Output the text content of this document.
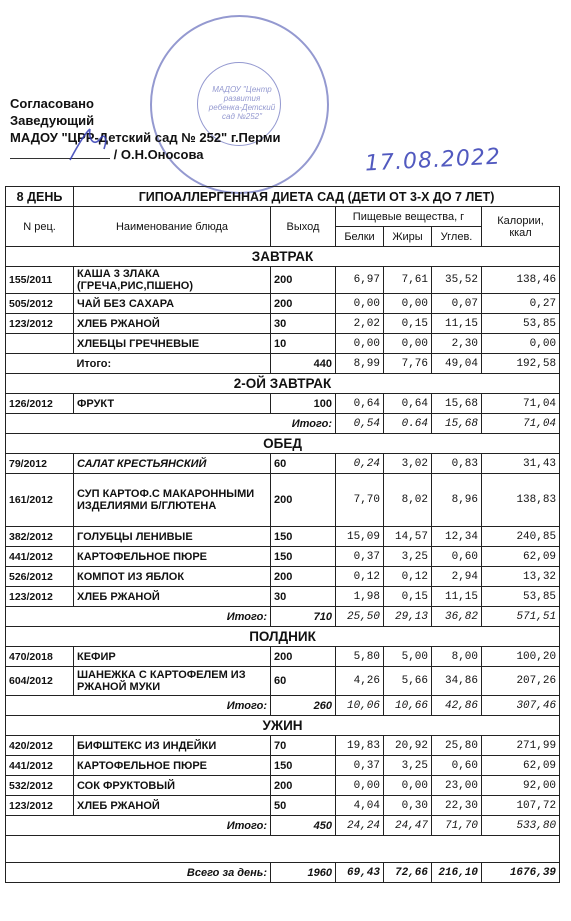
МАДОУ "Центр развития ребенка-Детский сад №252"
Согласовано
Заведующий
МАДОУ "ЦРР-Детский сад № 252" г.Перми
/ О.Н.Оносова	17.08.2022
8 ДЕНЬ	ГИПОАЛЛЕРГЕННАЯ ДИЕТА САД (ДЕТИ ОТ 3-Х ДО 7 ЛЕТ)					
N рец.	Наименование блюда	Выход	Пищевые вещества, г			Калории, ккал
			Белки	Жиры	Углев.	
ЗАВТРАК						
155/2011	КАША 3 ЗЛАКА (ГРЕЧА,РИС,ПШЕНО)	200	6,97	7,61	35,52	138,46
505/2012	ЧАЙ БЕЗ САХАРА	200	0,00	0,00	0,07	0,27
123/2012	ХЛЕБ РЖАНОЙ	30	2,02	0,15	11,15	53,85
	ХЛЕБЦЫ ГРЕЧНЕВЫЕ	10	0,00	0,00	2,30	0,00
	Итого:	440	8,99	7,76	49,04	192,58
2-ОЙ ЗАВТРАК						
126/2012	ФРУКТ	100	0,64	0,64	15,68	71,04
Итого:			0,54	0.64	15,68	71,04
ОБЕД						
79/2012	САЛАТ КРЕСТЬЯНСКИЙ	60	0,24	3,02	0,83	31,43
161/2012	СУП КАРТОФ.С МАКАРОННЫМИ ИЗДЕЛИЯМИ Б/ГЛЮТЕНА	200	7,70	8,02	8,96	138,83
382/2012	ГОЛУБЦЫ ЛЕНИВЫЕ	150	15,09	14,57	12,34	240,85
441/2012	КАРТОФЕЛЬНОЕ ПЮРЕ	150	0,37	3,25	0,60	62,09
526/2012	КОМПОТ ИЗ ЯБЛОК	200	0,12	0,12	2,94	13,32
123/2012	ХЛЕБ РЖАНОЙ	30	1,98	0,15	11,15	53,85
Итого:		710	25,50	29,13	36,82	571,51
ПОЛДНИК						
470/2018	КЕФИР	200	5,80	5,00	8,00	100,20
604/2012	ШАНЕЖКА С КАРТОФЕЛЕМ ИЗ РЖАНОЙ МУКИ	60	4,26	5,66	34,86	207,26
Итого:		260	10,06	10,66	42,86	307,46
УЖИН						
420/2012	БИФШТЕКС ИЗ ИНДЕЙКИ	70	19,83	20,92	25,80	271,99
441/2012	КАРТОФЕЛЬНОЕ ПЮРЕ	150	0,37	3,25	0,60	62,09
532/2012	СОК ФРУКТОВЫЙ	200	0,00	0,00	23,00	92,00
123/2012	ХЛЕБ РЖАНОЙ	50	4,04	0,30	22,30	107,72
Итого:		450	24,24	24,47	71,70	533,80

Всего за день:		1960	69,43	72,66	216,10	1676,39
